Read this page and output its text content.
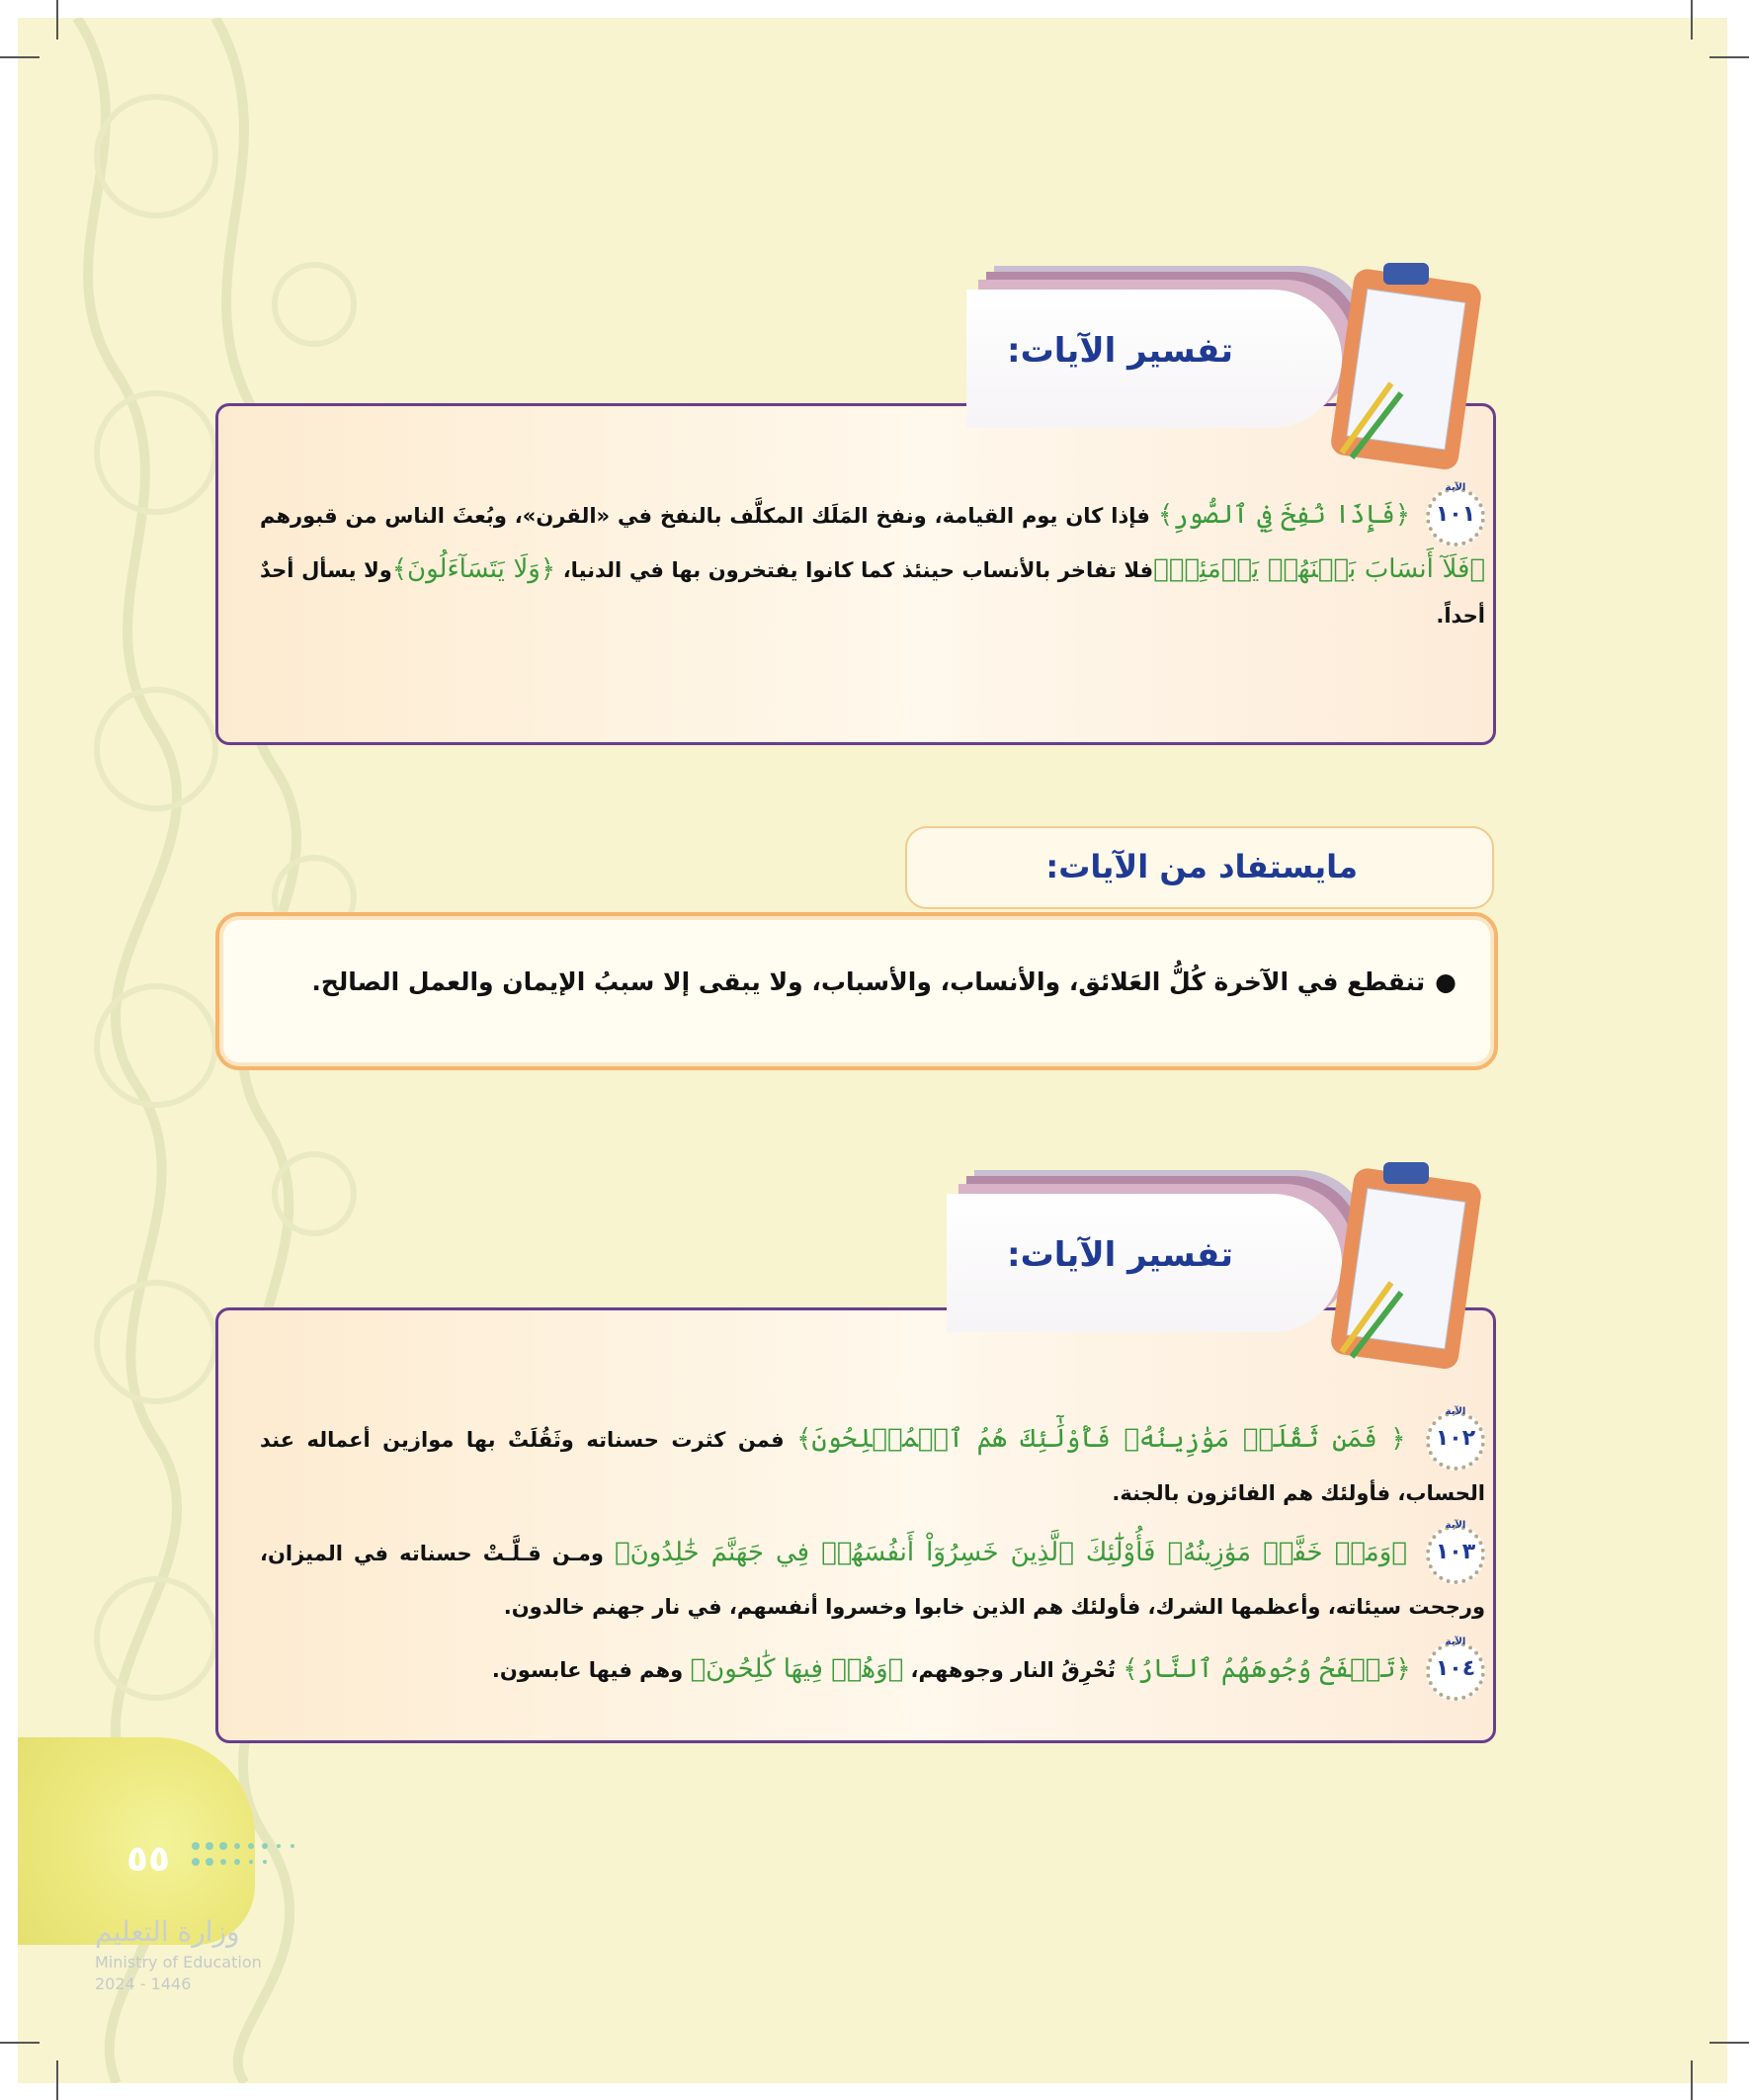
تفسير الآيات:
الآية
١٠١ ﴿فَإِذَا نُفِخَ فِي ٱلصُّورِ﴾ فإذا كان يوم القيامة، ونفخ المَلَك المكلَّف بالنفخ في «القرن»، وبُعثَ الناس من قبورهم ﴿فَلَآ أَنسَابَ بَيۡنَهُمۡ يَوۡمَئِذٖ﴾فلا تفاخر بالأنساب حينئذ كما كانوا يفتخرون بها في الدنيا، ﴿وَلَا يَتَسَآءَلُونَ﴾ولا يسأل أحدٌ أحداً.
مايستفاد من الآيات:
●تنقطع في الآخرة كُلُّ العَلائق، والأنساب، والأسباب، ولا يبقى إلا سببُ الإيمان والعمل الصالح.
تفسير الآيات:
الآية
١٠٢ ﴿ فَمَن ثَقُلَتۡ مَوَٰزِينُهُۥ فَأُوْلَٰٓئِكَ هُمُ ٱلۡمُفۡلِحُونَ﴾ فمن كثرت حسناته وثَقُلَتْ بها موازين أعماله عند الحساب، فأولئك هم الفائزون بالجنة.
الآية
١٠٣ ﴿وَمَنۡ خَفَّتۡ مَوَٰزِينُهُۥ فَأُوْلَٰٓئِكَ ٱلَّذِينَ خَسِرُوٓاْ أَنفُسَهُمۡ فِي جَهَنَّمَ خَٰلِدُونَ﴾ ومـن قـلَّـتْ حسناته في الميزان، ورجحت سيئاته، وأعظمها الشرك، فأولئك هم الذين خابوا وخسروا أنفسهم، في نار جهنم خالدون.
الآية
١٠٤ ﴿تَلۡفَحُ وُجُوهَهُمُ ٱلنَّارُ﴾ تُحْرِقُ النار وجوههم، ﴿وَهُمۡ فِيهَا كَٰلِحُونَ﴾ وهم فيها عابسون.
٥٥
وزارة التعليم
Ministry of Education
2024 - 1446
